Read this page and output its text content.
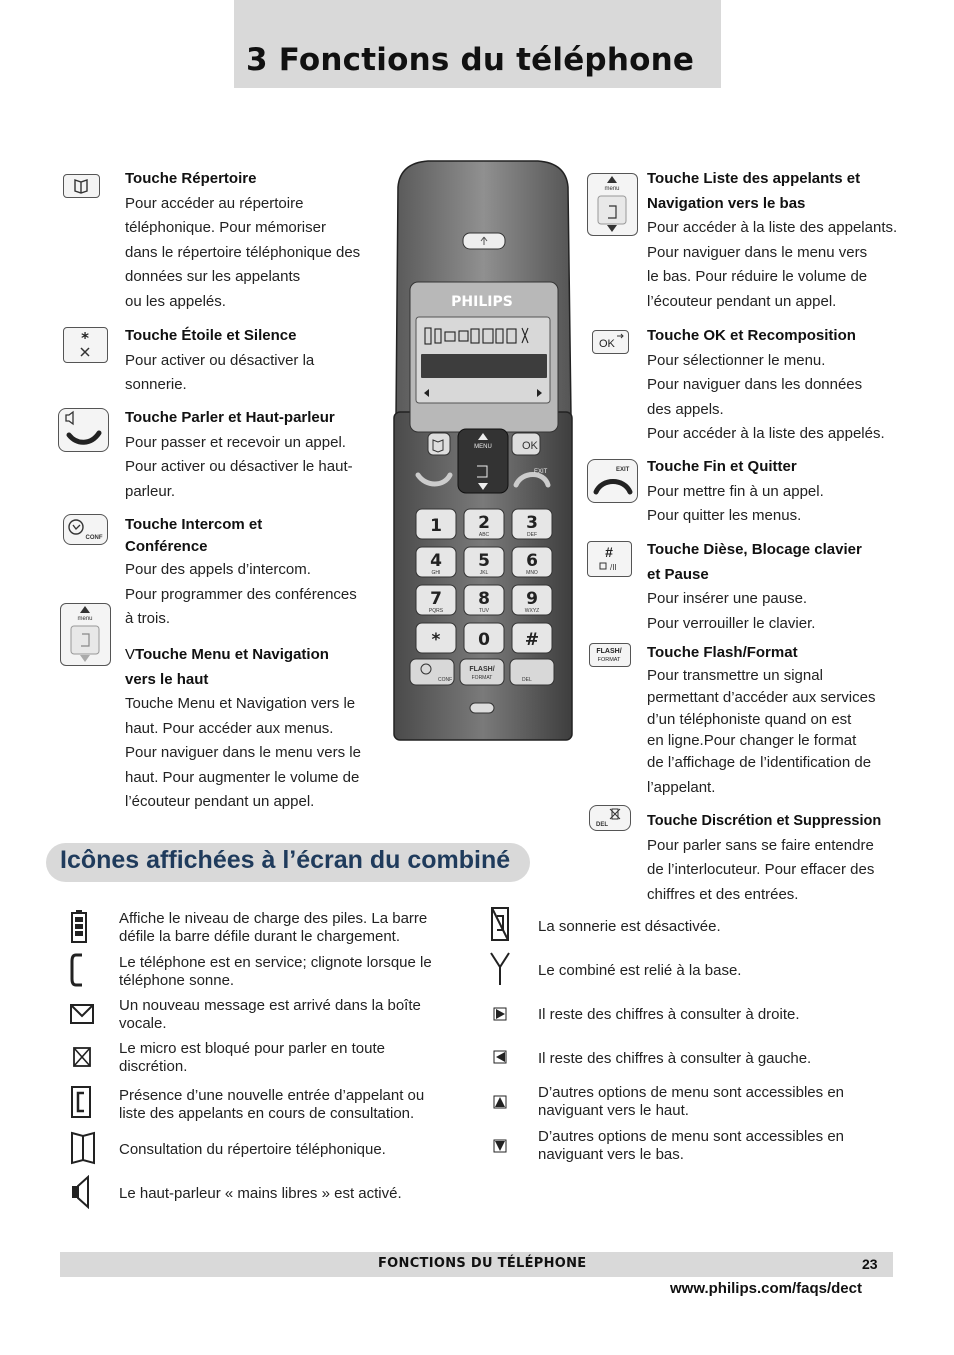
3 Fonctions du téléphone
*
CONF
menu
Touche Répertoire
Pour accéder au répertoire
téléphonique. Pour mémoriser
dans le répertoire téléphonique des
données sur les appelants
ou les appelés.
Touche Étoile et Silence
Pour activer ou désactiver la
sonnerie.
Touche Parler et Haut-parleur
Pour passer et recevoir un appel.
Pour activer ou désactiver le haut-
parleur.
Touche Intercom et
Conférence
Pour des appels d’intercom.
Pour programmer des conférences
à trois.
VTouche Menu et Navigation
vers le haut
Touche Menu et Navigation vers le
haut. Pour accéder aux menus.
Pour naviguer dans le menu vers le
haut. Pour augmenter le volume de
l’écouteur pendant un appel.
PHILIPS
OK
MENU
EXIT
1 2
ABC
3
DEF
4
GHI
5
JKL
6
MNO
7
PQRS
8
TUV
9
WXYZ
* 0 #
CONF
FLASH/
FORMAT	DEL
menu
OK
EXIT
#
/II
FLASH/
FORMAT
DEL
Touche Liste des appelants et
Navigation vers le bas
Pour accéder à la liste des appelants.
Pour naviguer dans le menu vers
le bas. Pour réduire le volume de
l’écouteur pendant un appel.
Touche OK et Recomposition
Pour sélectionner le menu.
Pour naviguer dans les données
des appels.
Pour accéder à la liste des appelés.
Touche Fin et Quitter
Pour mettre fin à un appel.
Pour quitter les menus.
Touche Dièse, Blocage clavier
et Pause
Pour insérer une pause.
Pour verrouiller le clavier.
Touche Flash/Format
Pour transmettre un signal
permettant d’accéder aux services
d’un téléphoniste quand on est
en ligne.Pour changer le format
de l’affichage de l’identification de
l’appelant.
Touche Discrétion et Suppression
Pour parler sans se faire entendre
de l’interlocuteur. Pour effacer des
chiffres et des entrées.
Icônes affichées à l’écran du combiné
Affiche le niveau de charge des piles. La barre
défile la barre défile durant le chargement.
Le téléphone est en service; clignote lorsque le
téléphone sonne.
Un nouveau message est arrivé dans la boîte
vocale.
Le micro est bloqué pour parler en toute
discrétion.
Présence d’une nouvelle entrée d’appelant ou
liste des appelants en cours de consultation.
Consultation du répertoire téléphonique.
Le haut-parleur « mains libres » est activé.
La sonnerie est désactivée.
Le combiné est relié à la base.
Il reste des chiffres à consulter à droite.
Il reste des chiffres à consulter à gauche.
D’autres options de menu sont accessibles en
naviguant vers le haut.
D’autres options de menu sont accessibles en
naviguant vers le bas.
FONCTIONS DU TÉLÉPHONE	23
www.philips.com/faqs/dect
